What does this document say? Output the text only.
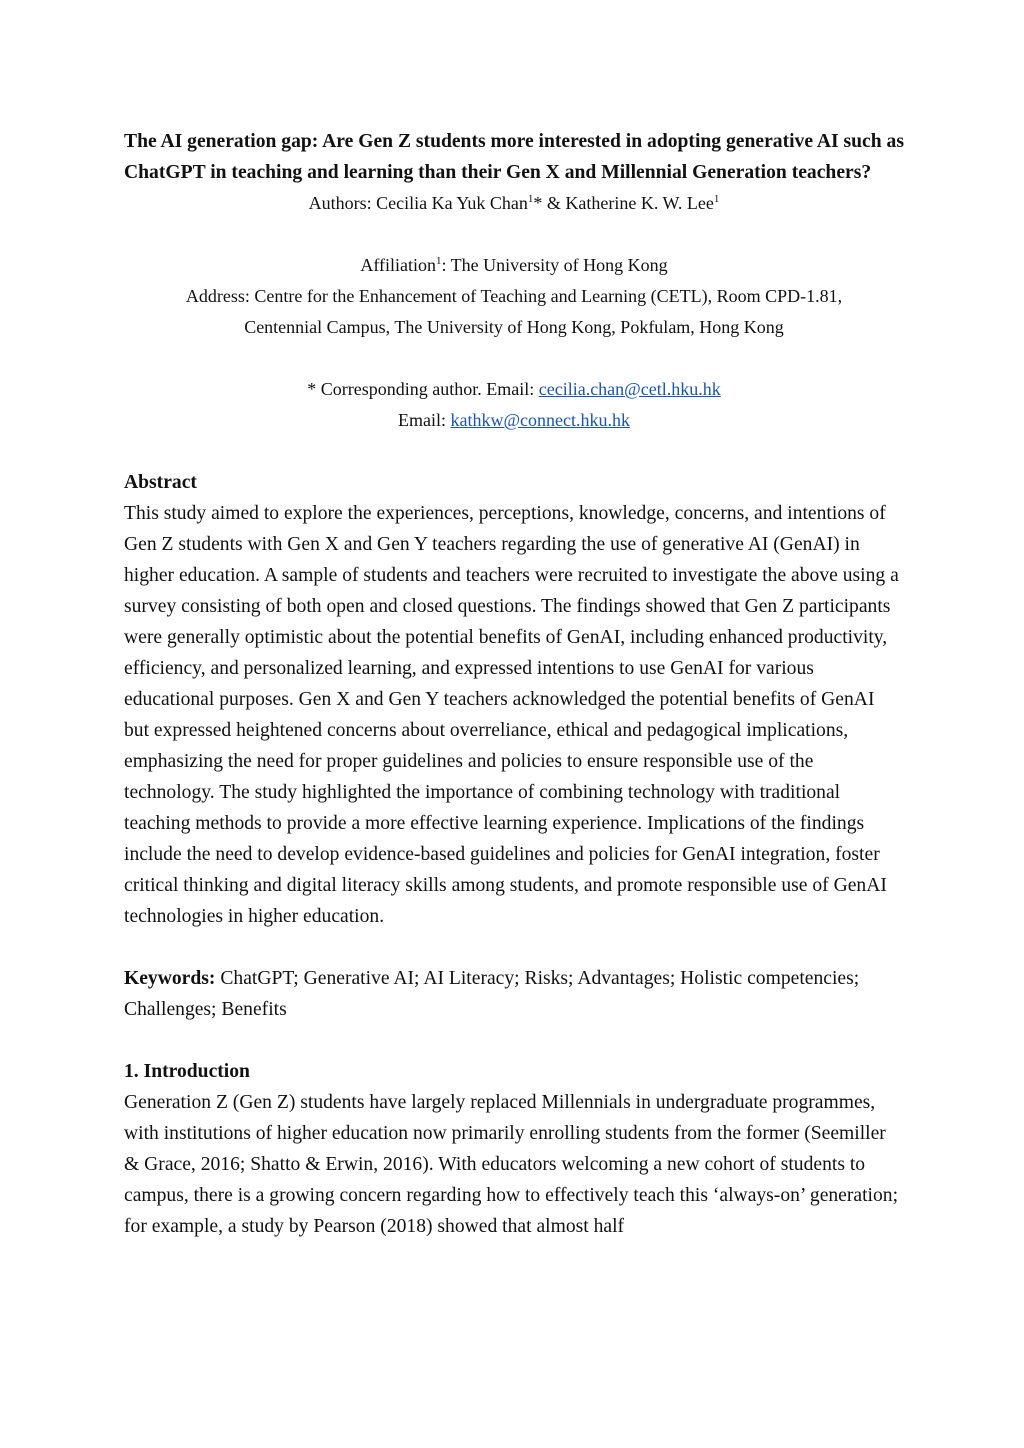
The AI generation gap: Are Gen Z students more interested in adopting generative AI such as ChatGPT in teaching and learning than their Gen X and Millennial Generation teachers?

Authors: Cecilia Ka Yuk Chan$^1$* & Katherine K. W. Lee$^1$

Affiliation$^1$: The University of Hong Kong

Address: Centre for the Enhancement of Teaching and Learning (CETL), Room CPD-1.81,

Centennial Campus, The University of Hong Kong, Pokfulam, Hong Kong

* Corresponding author. Email: cecilia.chan@cetl.hku.hk

Email: kathkw@connect.hku.hk

Abstract

This study aimed to explore the experiences, perceptions, knowledge, concerns, and intentions of Gen Z students with Gen X and Gen Y teachers regarding the use of generative AI (GenAI) in higher education. A sample of students and teachers were recruited to investigate the above using a survey consisting of both open and closed questions. The findings showed that Gen Z participants were generally optimistic about the potential benefits of GenAI, including enhanced productivity, efficiency, and personalized learning, and expressed intentions to use GenAI for various educational purposes. Gen X and Gen Y teachers acknowledged the potential benefits of GenAI but expressed heightened concerns about overreliance, ethical and pedagogical implications, emphasizing the need for proper guidelines and policies to ensure responsible use of the technology. The study highlighted the importance of combining technology with traditional teaching methods to provide a more effective learning experience. Implications of the findings include the need to develop evidence-based guidelines and policies for GenAI integration, foster critical thinking and digital literacy skills among students, and promote responsible use of GenAI technologies in higher education.

Keywords: ChatGPT; Generative AI; AI Literacy; Risks; Advantages; Holistic competencies; Challenges; Benefits

1. Introduction

Generation Z (Gen Z) students have largely replaced Millennials in undergraduate programmes, with institutions of higher education now primarily enrolling students from the former (Seemiller & Grace, 2016; Shatto & Erwin, 2016). With educators welcoming a new cohort of students to campus, there is a growing concern regarding how to effectively teach this ‘always-on’ generation; for example, a study by Pearson (2018) showed that almost half
